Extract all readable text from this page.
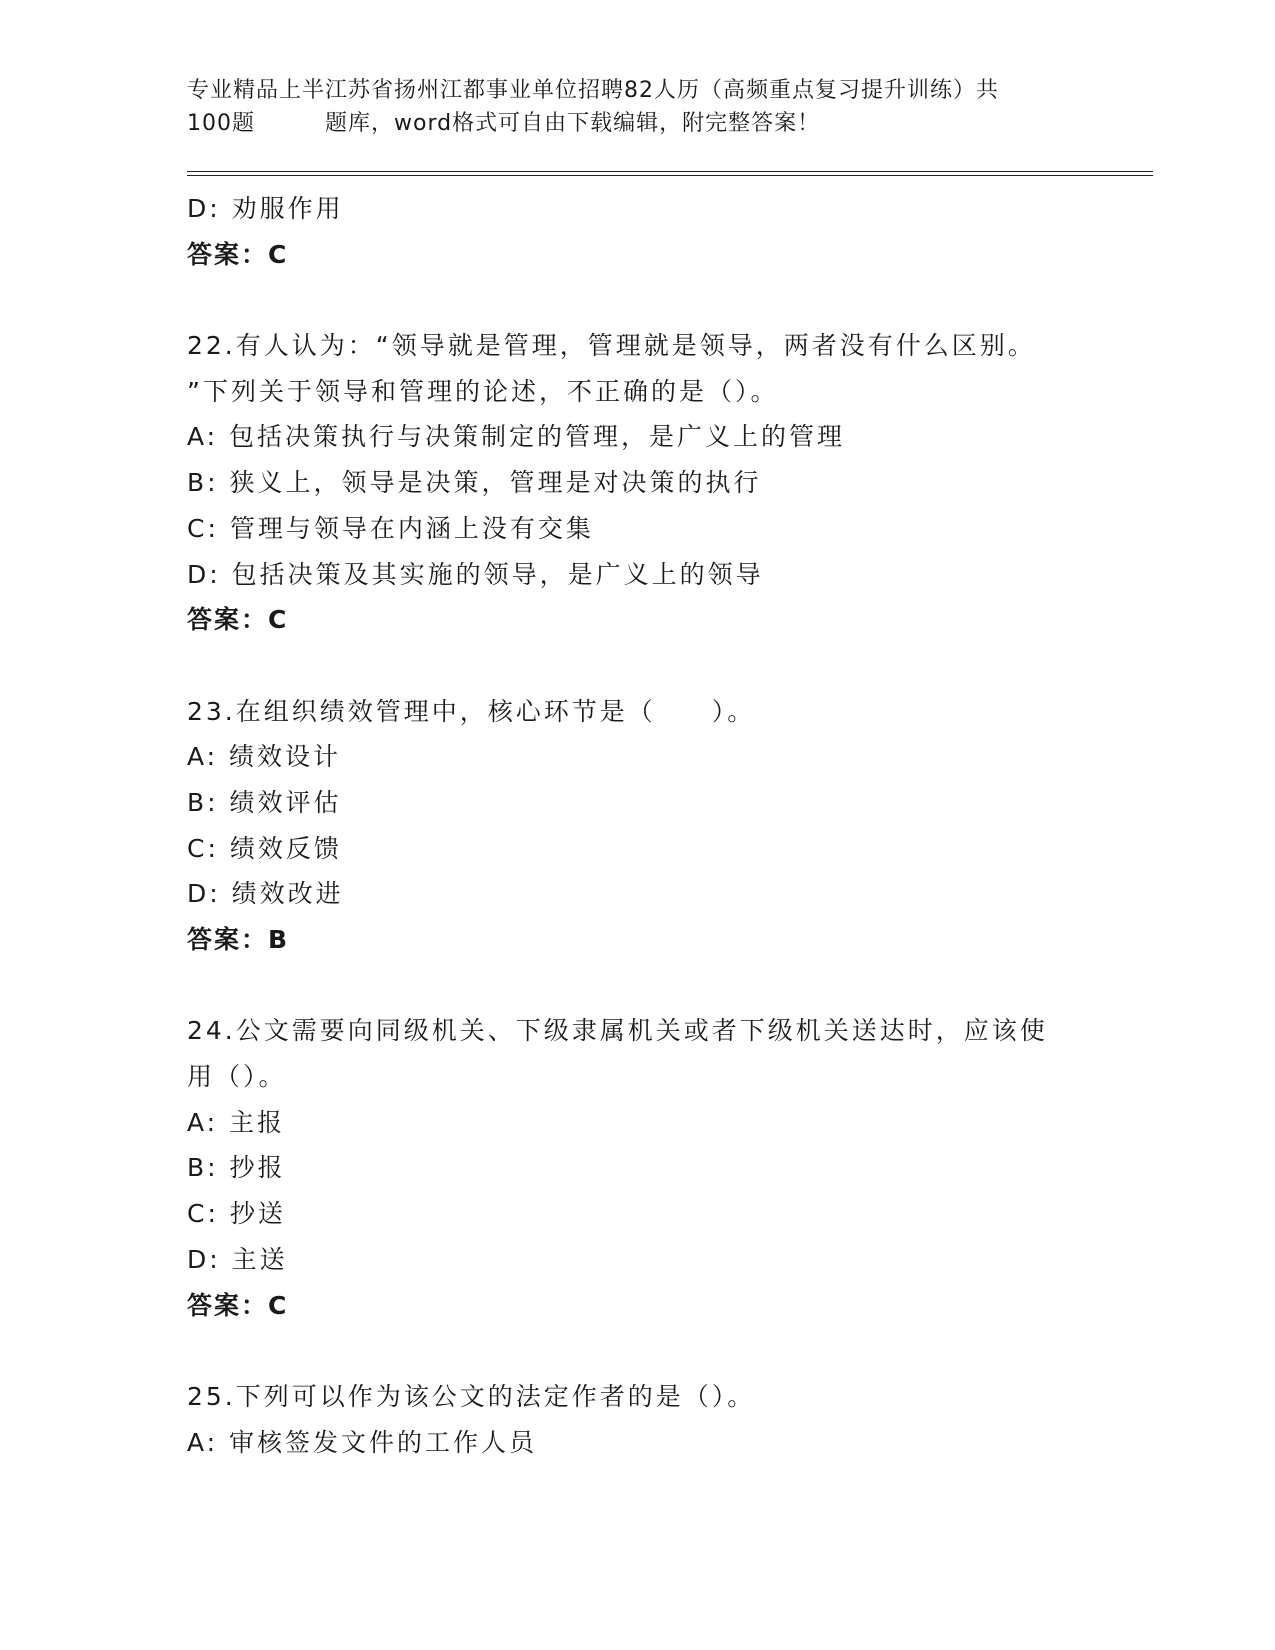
专业精品上半江苏省扬州江都事业单位招聘82人历（高频重点复习提升训练）共
100题	题库，word格式可自由下载编辑，附完整答案！
D: 劝服作用
答案：C
22.有人认为：“领导就是管理，管理就是领导，两者没有什么区别。
”下列关于领导和管理的论述，不正确的是（）。
A: 包括决策执行与决策制定的管理，是广义上的管理
B: 狭义上，领导是决策，管理是对决策的执行
C: 管理与领导在内涵上没有交集
D: 包括决策及其实施的领导，是广义上的领导
答案：C
23.在组织绩效管理中，核心环节是（　　）。
A: 绩效设计
B: 绩效评估
C: 绩效反馈
D: 绩效改进
答案：B
24.公文需要向同级机关、下级隶属机关或者下级机关送达时，应该使
用（）。
A: 主报
B: 抄报
C: 抄送
D: 主送
答案：C
25.下列可以作为该公文的法定作者的是（）。
A: 审核签发文件的工作人员
